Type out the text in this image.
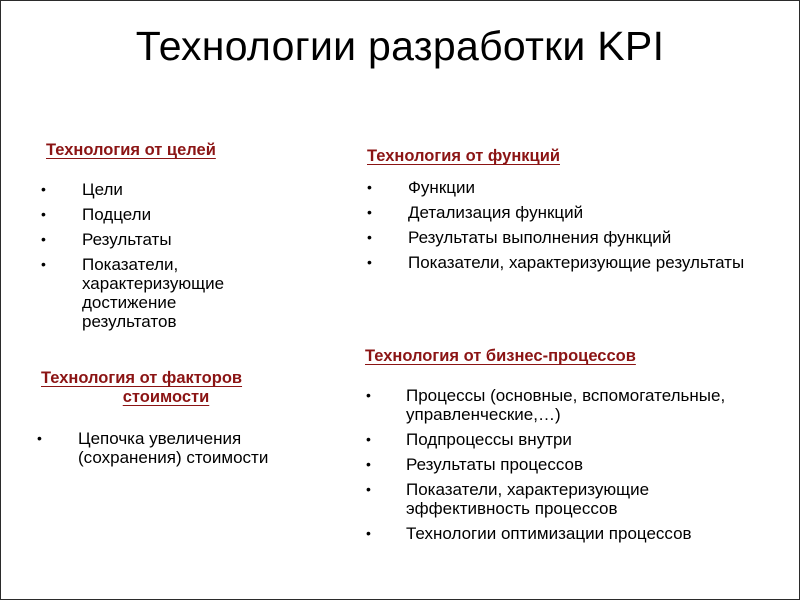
Технологии разработки KPI
Технология от целей
• Цели
• Подцели
• Результаты
• Показатели, характеризующие достижение результатов
Технология от функций
• Функции
• Детализация функций
• Результаты выполнения функций
• Показатели, характеризующие результаты
Технология от факторов
стоимости
• Цепочка увеличения (сохранения) стоимости
Технология от бизнес-процессов
• Процессы (основные, вспомогательные, управленческие,…)
• Подпроцессы внутри
• Результаты процессов
• Показатели, характеризующие эффективность процессов
• Технологии оптимизации процессов
